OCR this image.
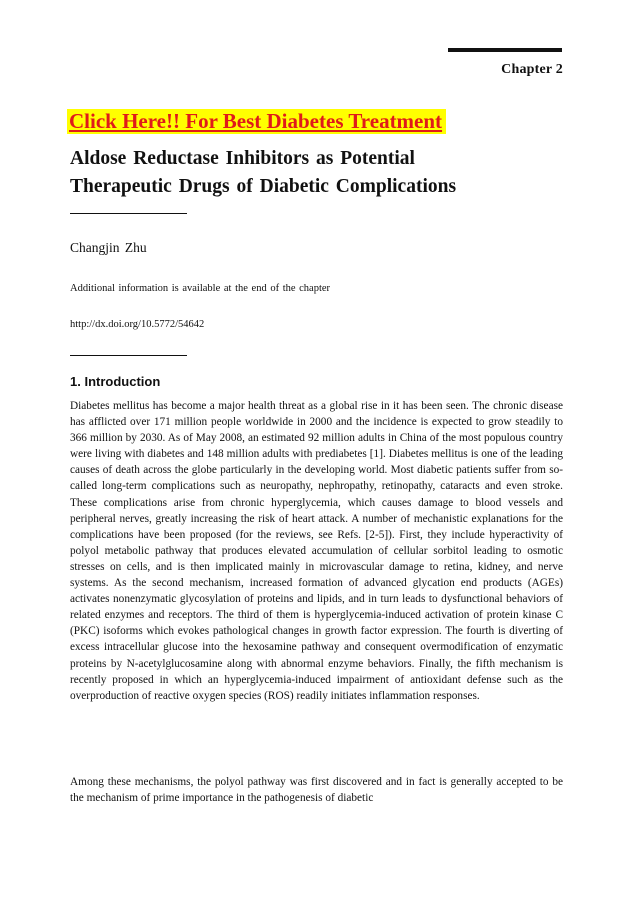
Chapter 2
Click Here!! For Best Diabetes Treatment
Aldose Reductase Inhibitors as Potential
Therapeutic Drugs of Diabetic Complications
Changjin Zhu
Additional information is available at the end of the chapter
http://dx.doi.org/10.5772/54642
1. Introduction

Diabetes mellitus has become a major health threat as a global rise in it has been seen. The chronic disease has afflicted over 171 million people worldwide in 2000 and the incidence is expected to grow steadily to 366 million by 2030. As of May 2008, an estimated 92 million adults in China of the most populous country were living with diabetes and 148 million adults with prediabetes [1]. Diabetes mellitus is one of the leading causes of death across the globe particularly in the developing world. Most diabetic patients suffer from so-called long-term complications such as neuropathy, nephropathy, retinopathy, cataracts and even stroke. These complications arise from chronic hyperglycemia, which causes damage to blood vessels and peripheral nerves, greatly increasing the risk of heart attack. A number of mechanistic explanations for the complications have been proposed (for the reviews, see Refs. [2-5]). First, they include hyperactivity of polyol metabolic pathway that produces elevated accumulation of cellular sorbitol leading to osmotic stresses on cells, and is then implicated mainly in microvascular damage to retina, kidney, and nerve systems. As the second mechanism, increased formation of advanced glycation end products (AGEs) activates nonenzymatic glycosylation of proteins and lipids, and in turn leads to dysfunctional behaviors of related enzymes and receptors. The third of them is hyperglycemia-induced activation of protein kinase C (PKC) isoforms which evokes pathological changes in growth factor expression. The fourth is diverting of excess intracellular glucose into the hexosamine pathway and consequent overmodification of enzymatic proteins by N-acetylglucosamine along with abnormal enzyme behaviors. Finally, the fifth mechanism is recently proposed in which an hyperglycemia-induced impairment of antioxidant defense such as the overproduction of reactive oxygen species (ROS) readily initiates inflammation responses.

Among these mechanisms, the polyol pathway was first discovered and in fact is generally accepted to be the mechanism of prime importance in the pathogenesis of diabetic
